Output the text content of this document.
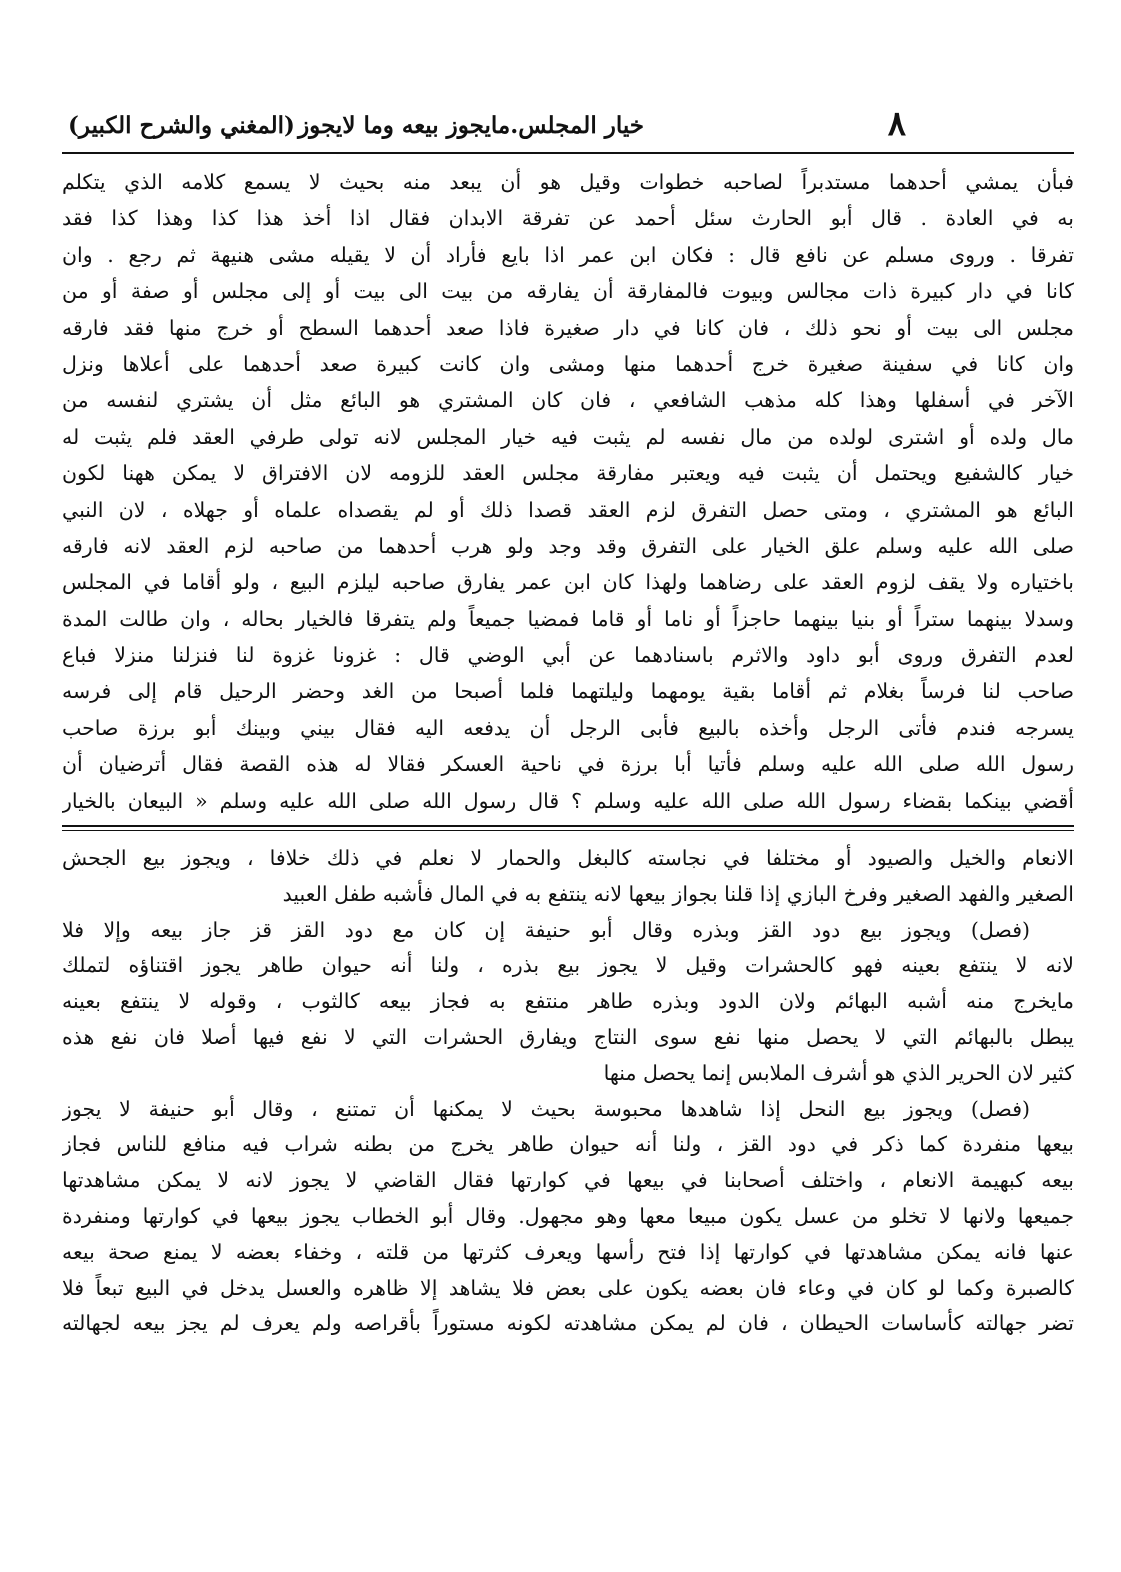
٨
خيار المجلس.مايجوز بيعه وما لايجوز
(المغني والشرح الكبير)
فبأن يمشي أحدهما مستدبراً لصاحبه خطوات وقيل هو أن يبعد منه بحيث لا يسمع كلامه الذي يتكلم
به في العادة . قال أبو الحارث سئل أحمد عن تفرقة الابدان فقال اذا أخذ هذا كذا وهذا كذا فقد
تفرقا . وروى مسلم عن نافع قال : فكان ابن عمر اذا بايع فأراد أن لا يقيله مشى هنيهة ثم رجع . وان
كانا في دار كبيرة ذات مجالس وبيوت فالمفارقة أن يفارقه من بيت الى بيت أو إلى مجلس أو صفة أو من
مجلس الى بيت أو نحو ذلك ، فان كانا في دار صغيرة فاذا صعد أحدهما السطح أو خرج منها فقد فارقه
وان كانا في سفينة صغيرة خرج أحدهما منها ومشى وان كانت كبيرة صعد أحدهما على أعلاها ونزل
الآخر في أسفلها وهذا كله مذهب الشافعي ، فان كان المشتري هو البائع مثل أن يشتري لنفسه من
مال ولده أو اشترى لولده من مال نفسه لم يثبت فيه خيار المجلس لانه تولى طرفي العقد فلم يثبت له
خيار كالشفيع ويحتمل أن يثبت فيه ويعتبر مفارقة مجلس العقد للزومه لان الافتراق لا يمكن ههنا لكون
البائع هو المشتري ، ومتى حصل التفرق لزم العقد قصدا ذلك أو لم يقصداه علماه أو جهلاه ، لان النبي
صلى الله عليه وسلم علق الخيار على التفرق وقد وجد ولو هرب أحدهما من صاحبه لزم العقد لانه فارقه
باختياره ولا يقف لزوم العقد على رضاهما ولهذا كان ابن عمر يفارق صاحبه ليلزم البيع ، ولو أقاما في المجلس
وسدلا بينهما ستراً أو بنيا بينهما حاجزاً أو ناما أو قاما فمضيا جميعاً ولم يتفرقا فالخيار بحاله ، وان طالت المدة
لعدم التفرق وروى أبو داود والاثرم باسنادهما عن أبي الوضي قال : غزونا غزوة لنا فنزلنا منزلا فباع
صاحب لنا فرساً بغلام ثم أقاما بقية يومهما وليلتهما فلما أصبحا من الغد وحضر الرحيل قام إلى فرسه
يسرجه فندم فأتى الرجل وأخذه بالبيع فأبى الرجل أن يدفعه اليه فقال بيني وبينك أبو برزة صاحب
رسول الله صلى الله عليه وسلم فأتيا أبا برزة في ناحية العسكر فقالا له هذه القصة فقال أترضيان أن
أقضي بينكما بقضاء رسول الله صلى الله عليه وسلم ؟ قال رسول الله صلى الله عليه وسلم « البيعان بالخيار
الانعام والخيل والصيود أو مختلفا في نجاسته كالبغل والحمار لا نعلم في ذلك خلافا ، ويجوز بيع الجحش
الصغير والفهد الصغير وفرخ البازي إذا قلنا بجواز بيعها لانه ينتفع به في المال فأشبه طفل العبيد
(فصل) ويجوز بيع دود القز وبذره وقال أبو حنيفة إن كان مع دود القز قز جاز بيعه وإلا فلا
لانه لا ينتفع بعينه فهو كالحشرات وقيل لا يجوز بيع بذره ، ولنا أنه حيوان طاهر يجوز اقتناؤه لتملك
مايخرج منه أشبه البهائم ولان الدود وبذره طاهر منتفع به فجاز بيعه كالثوب ، وقوله لا ينتفع بعينه
يبطل بالبهائم التي لا يحصل منها نفع سوى النتاج ويفارق الحشرات التي لا نفع فيها أصلا فان نفع هذه
كثير لان الحرير الذي هو أشرف الملابس إنما يحصل منها
(فصل) ويجوز بيع النحل إذا شاهدها محبوسة بحيث لا يمكنها أن تمتنع ، وقال أبو حنيفة لا يجوز
بيعها منفردة كما ذكر في دود القز ، ولنا أنه حيوان طاهر يخرج من بطنه شراب فيه منافع للناس فجاز
بيعه كبهيمة الانعام ، واختلف أصحابنا في بيعها في كوارتها فقال القاضي لا يجوز لانه لا يمكن مشاهدتها
جميعها ولانها لا تخلو من عسل يكون مبيعا معها وهو مجهول. وقال أبو الخطاب يجوز بيعها في كوارتها ومنفردة
عنها فانه يمكن مشاهدتها في كوارتها إذا فتح رأسها ويعرف كثرتها من قلته ، وخفاء بعضه لا يمنع صحة بيعه
كالصبرة وكما لو كان في وعاء فان بعضه يكون على بعض فلا يشاهد إلا ظاهره والعسل يدخل في البيع تبعاً فلا
تضر جهالته كأساسات الحيطان ، فان لم يمكن مشاهدته لكونه مستوراً بأقراصه ولم يعرف لم يجز بيعه لجهالته
